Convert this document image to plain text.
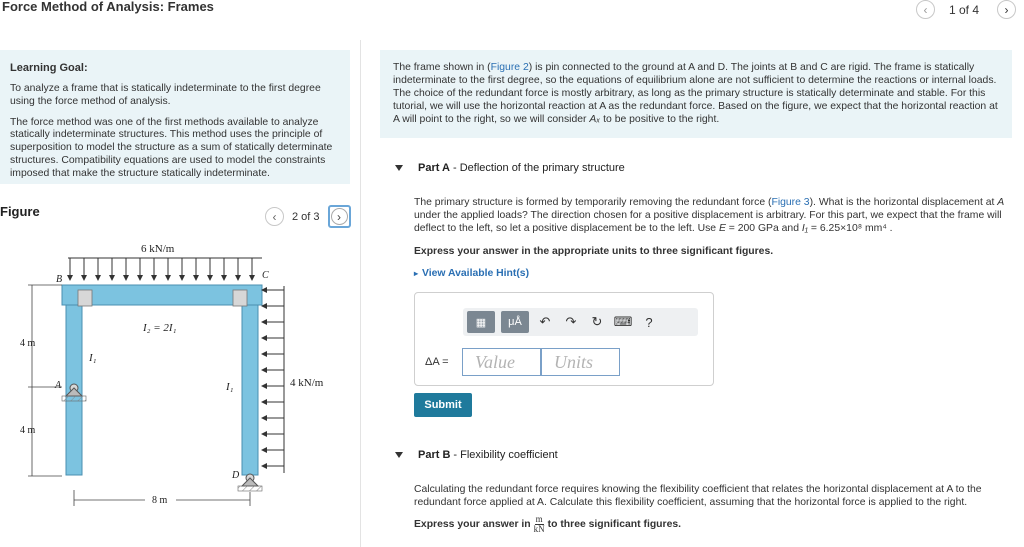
Force Method of Analysis: Frames	‹ 1 of 4 ›
Learning Goal:

To analyze a frame that is statically indeterminate to the first degree using the force method of analysis.

The force method was one of the first methods available to analyze statically indeterminate structures. This method uses the principle of superposition to model the structure as a sum of statically determinate structures. Compatibility equations are used to model the constraints imposed that make the structure statically indeterminate.

Figure	‹ 2 of 3	›
6 kN/m
4 kN/m
I₂ = 2I₁
I₁
I₁
B	C
A
D
4 m
4 m
8 m

The frame shown in (Figure 2) is pin connected to the ground at A and D. The joints at B and C are rigid. The frame is statically indeterminate to the first degree, so the equations of equilibrium alone are not sufficient to determine the reactions or internal loads. The choice of the redundant force is mostly arbitrary, as long as the primary structure is statically determinate and stable. For this tutorial, we will use the horizontal reaction at A as the redundant force. Based on the figure, we expect that the horizontal reaction at A will point to the right, so we will consider Aₓ to be positive to the right.

Part A - Deflection of the primary structure
The primary structure is formed by temporarily removing the redundant force (Figure 3). What is the horizontal displacement at A under the applied loads? The direction chosen for a positive displacement is arbitrary. For this part, we expect that the frame will deflect to the left, so let a positive displacement be to the left. Use E = 200 GPa and I₁ = 6.25×10⁸ mm⁴ .
Express your answer in the appropriate units to three significant figures.
▸ View Available Hint(s)
▦	μÅ	↶	↷	↻ ⌨	?
ΔA =	Value	Units
Submit
Part B - Flexibility coefficient
Calculating the redundant force requires knowing the flexibility coefficient that relates the horizontal displacement at A to the redundant force applied at A. Calculate this flexibility coefficient, assuming that the horizontal force is applied to the right.
Express your answer in m
kN to three significant figures.
